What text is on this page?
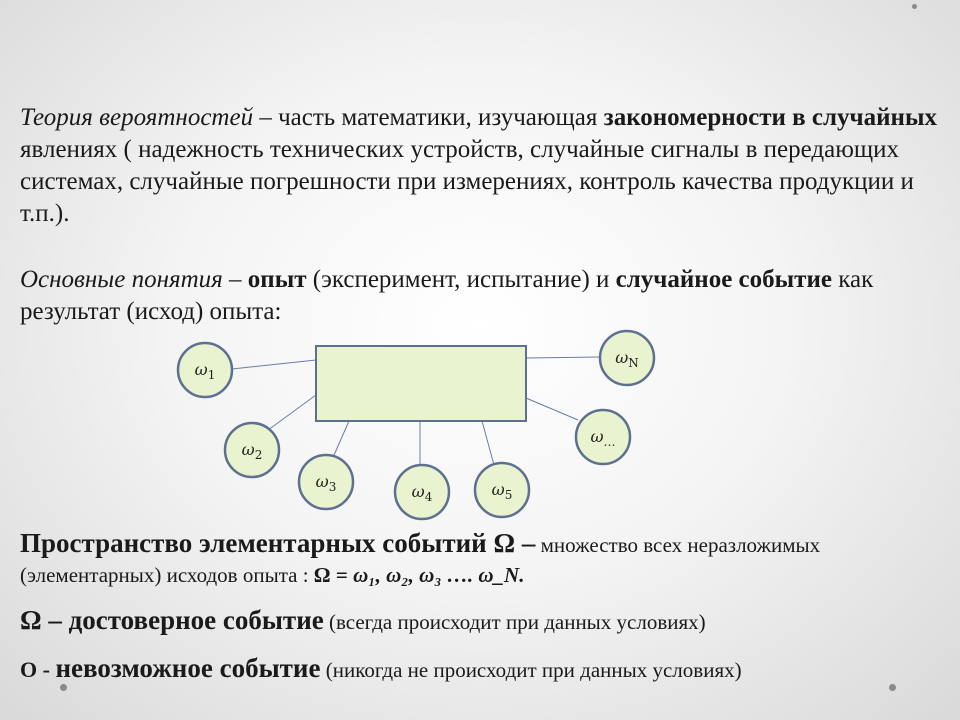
Теория вероятностей – часть математики, изучающая закономерности в случайных явлениях ( надежность технических устройств, случайные сигналы в передающих системах, случайные погрешности при измерениях, контроль качества продукции и т.п.).

Основные понятия – опыт (эксперимент, испытание) и случайное событие как результат (исход) опыта:

$\omega_1$
$\omega_2$
$\omega_3$	$\omega_4$	$\omega_5$
$\omega_\dots$
$\omega_N$

Пространство элементарных событий Ω – множество всех неразложимых (элементарных) исходов опыта : Ω = ω₁, ω₂, ω₃ …. ω_N.

Ω – достоверное событие (всегда происходит при данных условиях)

O - невозможное событие (никогда не происходит при данных условиях)
